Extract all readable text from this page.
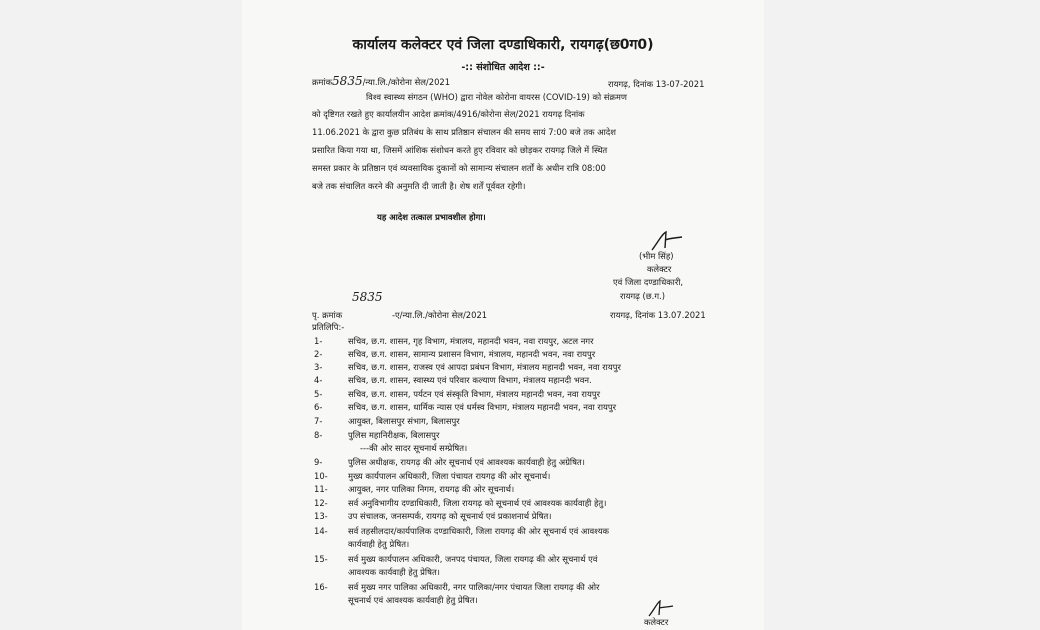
कार्यालय कलेक्टर एवं जिला दण्डाधिकारी, रायगढ़(छ0ग0)
-:: संशोधित आदेश ::-
क्रमांक5835/न्या.लि./कोरोना सेल/2021	रायगढ़, दिनांक 13-07-2021
विश्व स्वास्थ्य संगठन (WHO) द्वारा नोवेल कोरोना वायरस (COVID-19) को संक्रमण
को दृष्टिगत रखते हुए कार्यालयीन आदेश क्रमांक/4916/कोरोना सेल/2021 रायगढ़ दिनांक
11.06.2021 के द्वारा कुछ प्रतिबंध के साथ प्रतिष्ठान संचालन की समय सायं 7:00 बजे तक आदेश
प्रसारित किया गया था, जिसमें आंशिक संशोधन करते हुए रविवार को छोड़कर रायगढ़ जिले में स्थित
समस्त प्रकार के प्रतिष्ठान एवं व्यवसायिक दुकानों को सामान्य संचालन शर्तों के अधीन रात्रि 08:00
बजे तक संचालित करने की अनुमति दी जाती है। शेष शर्तें पूर्ववत रहेगी।
यह आदेश तत्काल प्रभावशील होगा।
(भीम सिंह)
कलेक्टर
एवं जिला दण्डाधिकारी,
रायगढ़ (छ.ग.)
5835
पृ. क्रमांक	-ए/न्या.लि./कोरोना सेल/2021	रायगढ़, दिनांक 13.07.2021
प्रतिलिपि:-
1-	सचिव, छ.ग. शासन, गृह विभाग, मंत्रालय, महानदी भवन, नवा रायपुर, अटल नगर
2-	सचिव, छ.ग. शासन, सामान्य प्रशासन विभाग, मंत्रालय, महानदी भवन, नवा रायपुर
3-	सचिव, छ.ग. शासन, राजस्व एवं आपदा प्रबंधन विभाग, मंत्रालय महानदी भवन, नवा रायपुर
4-	सचिव, छ.ग. शासन, स्वास्थ्य एवं परिवार कल्याण विभाग, मंत्रालय महानदी भवन.
5-	सचिव, छ.ग. शासन, पर्यटन एवं संस्कृति विभाग, मंत्रालय महानदी भवन, नवा रायपुर
6-	सचिव, छ.ग. शासन, धार्मिक न्यास एवं धर्मस्व विभाग, मंत्रालय महानदी भवन, नवा रायपुर
7-	आयुक्त, बिलासपुर संभाग, बिलासपुर
8-	पुलिस महानिरीक्षक, बिलासपुर
---की ओर सादर सूचनार्थ सम्प्रेषित।
9-	पुलिस अधीक्षक, रायगढ़ की ओर सूचनार्थ एवं आवश्यक कार्यवाही हेतु अग्रेषित।
10- मुख्य कार्यपालन अधिकारी, जिला पंचायत रायगढ़ की ओर सूचनार्थ।
11- आयुक्त, नगर पालिका निगम, रायगढ़ की ओर सूचनार्थ।
12- सर्व अनुविभागीय दण्डाधिकारी, जिला रायगढ़ को सूचनार्थ एवं आवश्यक कार्यवाही हेतु।
13- उप संचालक, जनसम्पर्क, रायगढ़ को सूचनार्थ एवं प्रकाशनार्थ प्रेषित।
14- सर्व तहसीलदार/कार्यपालिक दण्डाधिकारी, जिला रायगढ़ की ओर सूचनार्थ एवं आवश्यक
कार्यवाही हेतु प्रेषित।
15- सर्व मुख्य कार्यपालन अधिकारी, जनपद पंचायत, जिला रायगढ़ की ओर सूचनार्थ एवं
आवश्यक कार्यवाही हेतु प्रेषित।
16- सर्व मुख्य नगर पालिका अधिकारी, नगर पालिका/नगर पंचायत जिला रायगढ़ की ओर
सूचनार्थ एवं आवश्यक कार्यवाही हेतु प्रेषित।
कलेक्टर
